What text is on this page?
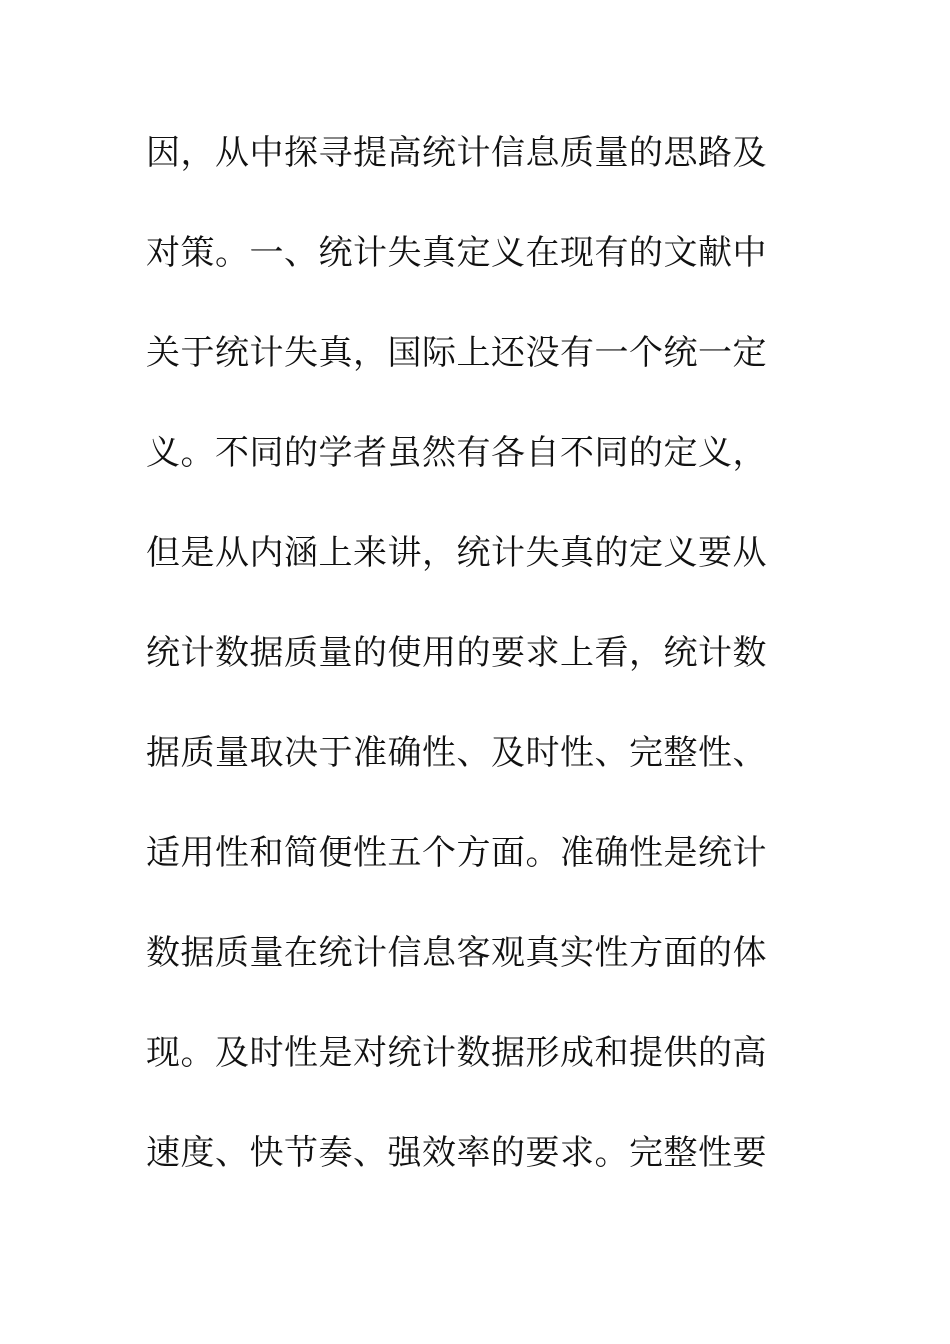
因，从中探寻提高统计信息质量的思路及
对策。一、统计失真定义在现有的文献中
关于统计失真，国际上还没有一个统一定
义。不同的学者虽然有各自不同的定义，
但是从内涵上来讲，统计失真的定义要从
统计数据质量的使用的要求上看，统计数
据质量取决于准确性、及时性、完整性、
适用性和简便性五个方面。准确性是统计
数据质量在统计信息客观真实性方面的体
现。及时性是对统计数据形成和提供的高
速度、快节奏、强效率的要求。完整性要
